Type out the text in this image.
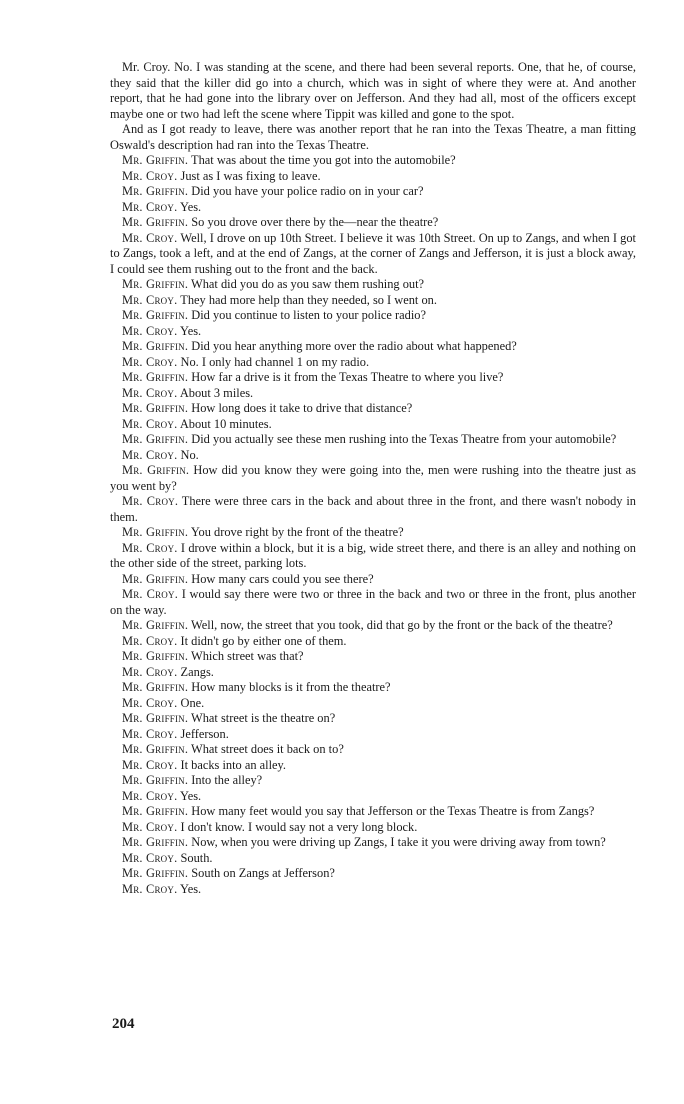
Mr. Croy. No. I was standing at the scene, and there had been several reports. One, that he, of course, they said that the killer did go into a church, which was in sight of where they were at. And another report, that he had gone into the library over on Jefferson. And they had all, most of the officers except maybe one or two had left the scene where Tippit was killed and gone to the spot.

And as I got ready to leave, there was another report that he ran into the Texas Theatre, a man fitting Oswald's description had ran into the Texas Theatre.

Mr. Griffin. That was about the time you got into the automobile?

Mr. Croy. Just as I was fixing to leave.

Mr. Griffin. Did you have your police radio on in your car?

Mr. Croy. Yes.

Mr. Griffin. So you drove over there by the—near the theatre?

Mr. Croy. Well, I drove on up 10th Street. I believe it was 10th Street. On up to Zangs, and when I got to Zangs, took a left, and at the end of Zangs, at the corner of Zangs and Jefferson, it is just a block away, I could see them rushing out to the front and the back.

Mr. Griffin. What did you do as you saw them rushing out?

Mr. Croy. They had more help than they needed, so I went on.

Mr. Griffin. Did you continue to listen to your police radio?

Mr. Croy. Yes.

Mr. Griffin. Did you hear anything more over the radio about what happened?

Mr. Croy. No. I only had channel 1 on my radio.

Mr. Griffin. How far a drive is it from the Texas Theatre to where you live?

Mr. Croy. About 3 miles.

Mr. Griffin. How long does it take to drive that distance?

Mr. Croy. About 10 minutes.

Mr. Griffin. Did you actually see these men rushing into the Texas Theatre from your automobile?

Mr. Croy. No.

Mr. Griffin. How did you know they were going into the, men were rushing into the theatre just as you went by?

Mr. Croy. There were three cars in the back and about three in the front, and there wasn't nobody in them.

Mr. Griffin. You drove right by the front of the theatre?

Mr. Croy. I drove within a block, but it is a big, wide street there, and there is an alley and nothing on the other side of the street, parking lots.

Mr. Griffin. How many cars could you see there?

Mr. Croy. I would say there were two or three in the back and two or three in the front, plus another on the way.

Mr. Griffin. Well, now, the street that you took, did that go by the front or the back of the theatre?

Mr. Croy. It didn't go by either one of them.

Mr. Griffin. Which street was that?

Mr. Croy. Zangs.

Mr. Griffin. How many blocks is it from the theatre?

Mr. Croy. One.

Mr. Griffin. What street is the theatre on?

Mr. Croy. Jefferson.

Mr. Griffin. What street does it back on to?

Mr. Croy. It backs into an alley.

Mr. Griffin. Into the alley?

Mr. Croy. Yes.

Mr. Griffin. How many feet would you say that Jefferson or the Texas Theatre is from Zangs?

Mr. Croy. I don't know. I would say not a very long block.

Mr. Griffin. Now, when you were driving up Zangs, I take it you were driving away from town?

Mr. Croy. South.

Mr. Griffin. South on Zangs at Jefferson?

Mr. Croy. Yes.

204
